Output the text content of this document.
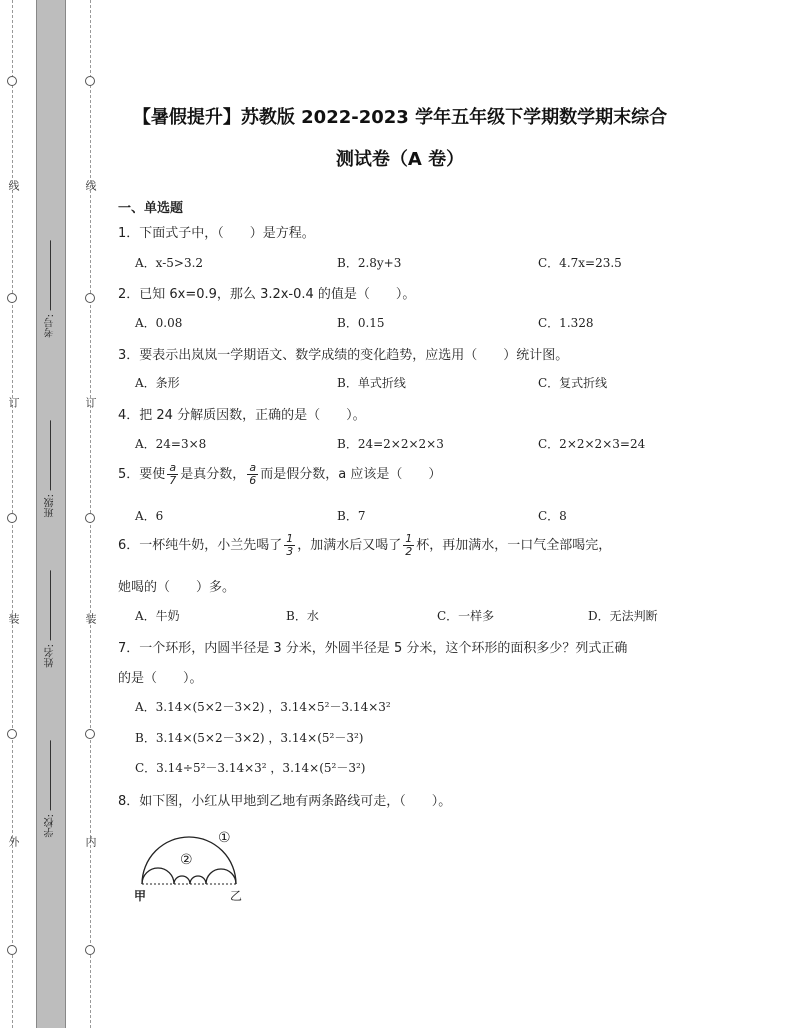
线
订
装
外
线
订
装
内
考号:
班级:
姓名:
学校:
【暑假提升】苏教版 2022-2023 学年五年级下学期数学期末综合
测试卷（A 卷）
一、单选题
1．下面式子中，（　　）是方程。
A．x-5>3.2	B．2.8y+3	C．4.7x=23.5
2．已知 6x=0.9，那么 3.2x-0.4 的值是（　　）。
A．0.08	B．0.15	C．1.328
3．要表示出岚岚一学期语文、数学成绩的变化趋势，应选用（　　）统计图。
A．条形	B．单式折线	C．复式折线
4．把 24 分解质因数，正确的是（　　）。
A．24=3×8	B．24=2×2×2×3	C．2×2×2×3=24
5．要使 $\frac{a}{7}$ 是真分数， $\frac{a}{6}$ 而是假分数，a 应该是（　　）
A．6	B．7	C．8
6．一杯纯牛奶，小兰先喝了 $\frac{1}{3}$ ，加满水后又喝了 $\frac{1}{2}$ 杯，再加满水，一口气全部喝完，
她喝的（　　）多。
A．牛奶	B．水	C．一样多	D．无法判断
7．一个环形，内圆半径是 3 分米，外圆半径是 5 分米，这个环形的面积多少？列式正确
的是（　　）。
A．3.14×(5×2－3×2) ，3.14×5²－3.14×3²
B．3.14×(5×2－3×2) ，3.14×(5²－3²)
C．3.14÷5²－3.14×3² ，3.14×(5²－3²)
8．如下图，小红从甲地到乙地有两条路线可走，（　　）。
①
②
甲	乙
